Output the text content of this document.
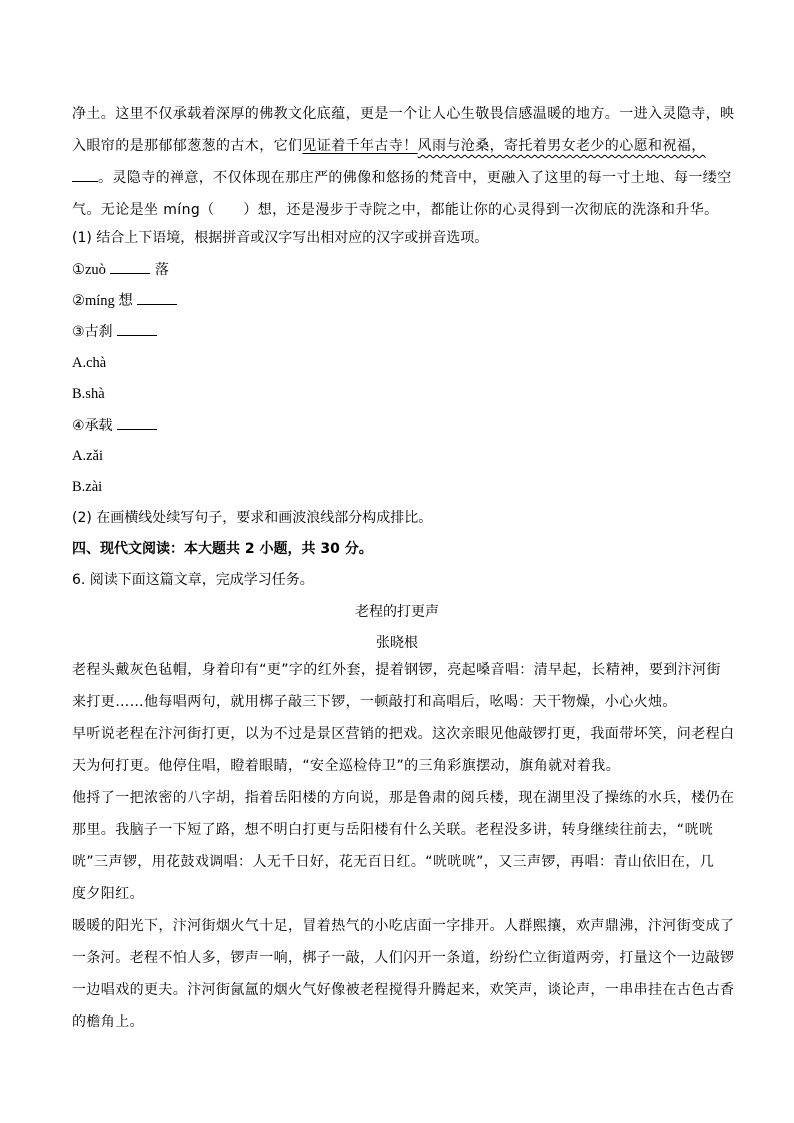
净土。这里不仅承载着深厚的佛教文化底蕴，更是一个让人心生敬畏信感温暖的地方。一进入灵隐寺，映
入眼帘的是那郁郁葱葱的古木，它们见证着千年古寺！风雨与沧桑，寄托着男女老少的心愿和祝福，
。灵隐寺的禅意，不仅体现在那庄严的佛像和悠扬的梵音中，更融入了这里的每一寸土地、每一缕空
气。无论是坐 míng（　　）想，还是漫步于寺院之中，都能让你的心灵得到一次彻底的洗涤和升华。
(1) 结合上下语境，根据拼音或汉字写出相对应的汉字或拼音选项。
①zuò	落
②míng 想
③古刹
A.chà
B.shà
④承载
A.zǎi
B.zài
(2) 在画横线处续写句子，要求和画波浪线部分构成排比。
四、现代文阅读：本大题共 2 小题，共 30 分。
6. 阅读下面这篇文章，完成学习任务。
老程的打更声
张晓根
老程头戴灰色毡帽，身着印有“更”字的红外套，提着钢锣，亮起嗓音唱：清早起，长精神，要到汴河街
来打更……他每唱两句，就用梆子敲三下锣，一顿敲打和高唱后，吆喝：天干物燥，小心火烛。
早听说老程在汴河街打更，以为不过是景区营销的把戏。这次亲眼见他敲锣打更，我面带坏笑，问老程白
天为何打更。他停住唱，瞪着眼睛，“安全巡检侍卫”的三角彩旗摆动，旗角就对着我。
他捋了一把浓密的八字胡，指着岳阳楼的方向说，那是鲁肃的阅兵楼，现在湖里没了操练的水兵，楼仍在
那里。我脑子一下短了路，想不明白打更与岳阳楼有什么关联。老程没多讲，转身继续往前去，“咣咣
咣”三声锣，用花鼓戏调唱：人无千日好，花无百日红。“咣咣咣”，又三声锣，再唱：青山依旧在，几
度夕阳红。
暖暖的阳光下，汴河街烟火气十足，冒着热气的小吃店面一字排开。人群熙攘，欢声鼎沸，汴河街变成了
一条河。老程不怕人多，锣声一响，梆子一敲，人们闪开一条道，纷纷伫立街道两旁，打量这个一边敲锣
一边唱戏的更夫。汴河街氤氲的烟火气好像被老程搅得升腾起来，欢笑声，谈论声，一串串挂在古色古香
的檐角上。
